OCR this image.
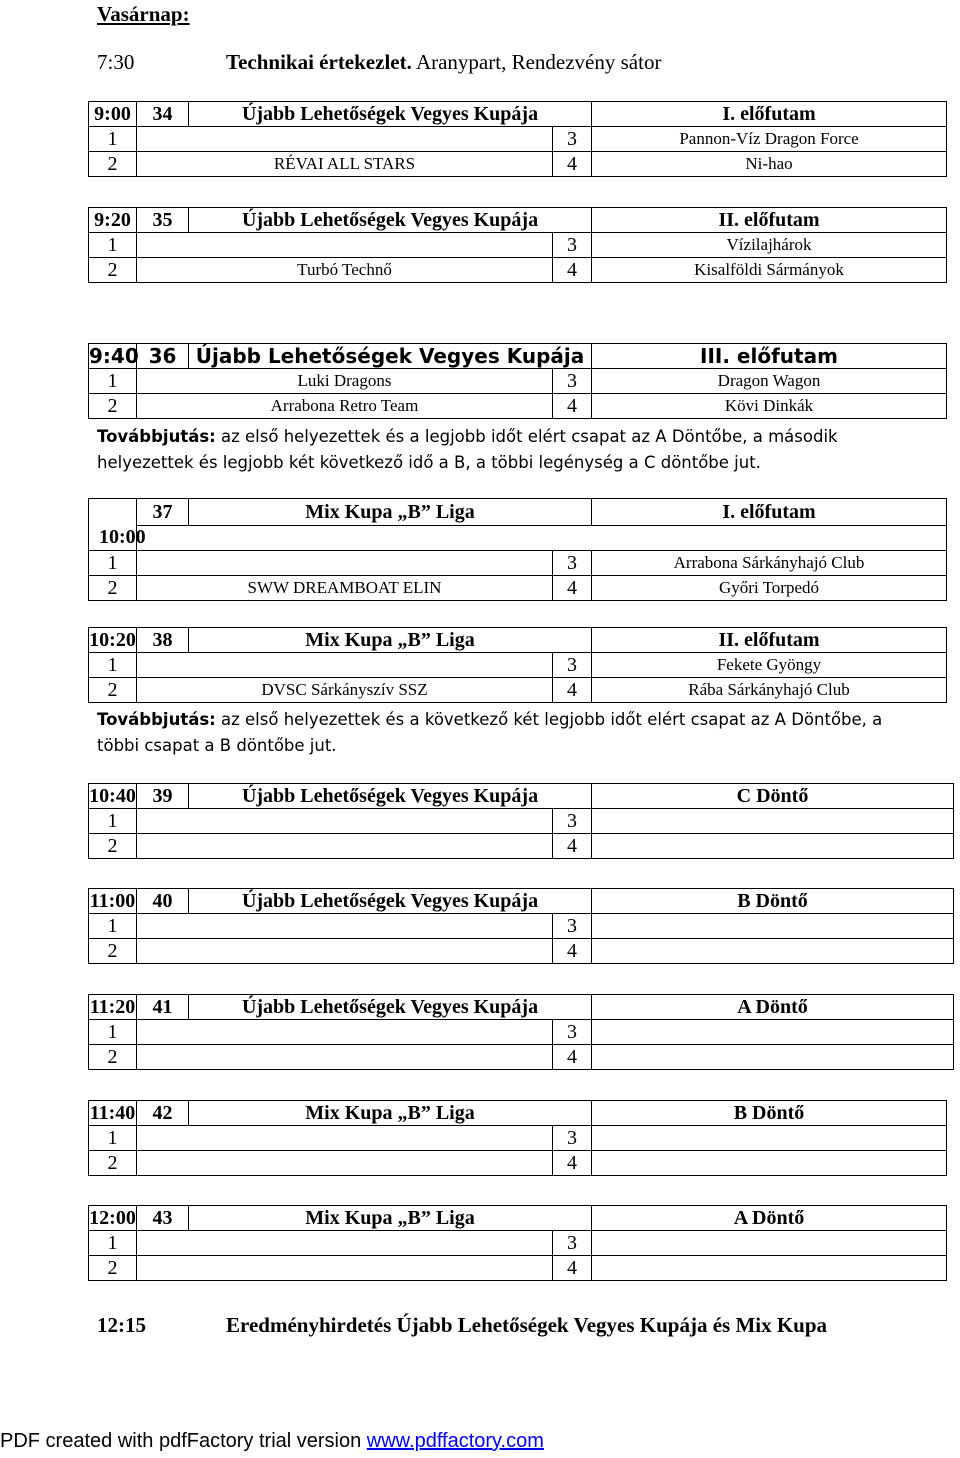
Vasárnap:
7:30	Technikai értekezlet. Aranypart, Rendezvény sátor
9:00	34	Újabb Lehetőségek Vegyes Kupája		I. előfutam
1			3	Pannon-Víz Dragon Force
2	RÉVAI ALL STARS		4	Ni-hao
9:20	35	Újabb Lehetőségek Vegyes Kupája		II. előfutam
1			3	Vízilajhárok
2	Turbó Technő		4	Kisalföldi Sármányok
9:40	36	Újabb Lehetőségek Vegyes Kupája		III. előfutam
1	Luki Dragons		3	Dragon Wagon
2	Arrabona Retro Team		4	Kövi Dinkák
10:00	37	Mix Kupa „B” Liga		I. előfutam

1			3	Arrabona Sárkányhajó Club
2	SWW DREAMBOAT ELIN		4	Győri Torpedó
10:20	38	Mix Kupa „B” Liga		II. előfutam
1			3	Fekete Gyöngy
2	DVSC Sárkányszív SSZ		4	Rába Sárkányhajó Club
10:40	39	Újabb Lehetőségek Vegyes Kupája		C Döntő
1			3	
2			4	
11:00	40	Újabb Lehetőségek Vegyes Kupája		B Döntő
1			3	
2			4	
11:20	41	Újabb Lehetőségek Vegyes Kupája		A Döntő
1			3	
2			4	
11:40	42	Mix Kupa „B” Liga		B Döntő
1			3	
2			4	
12:00	43	Mix Kupa „B” Liga		A Döntő
1			3	
2			4	
Továbbjutás: az első helyezettek és a legjobb időt elért csapat az A Döntőbe, a második helyezettek és legjobb két következő idő a B, a többi legénység a C döntőbe jut.
Továbbjutás: az első helyezettek és a következő két legjobb időt elért csapat az A Döntőbe, a többi csapat a B döntőbe jut.
12:15	Eredményhirdetés Újabb Lehetőségek Vegyes Kupája és Mix Kupa
PDF created with pdfFactory trial version www.pdffactory.com
